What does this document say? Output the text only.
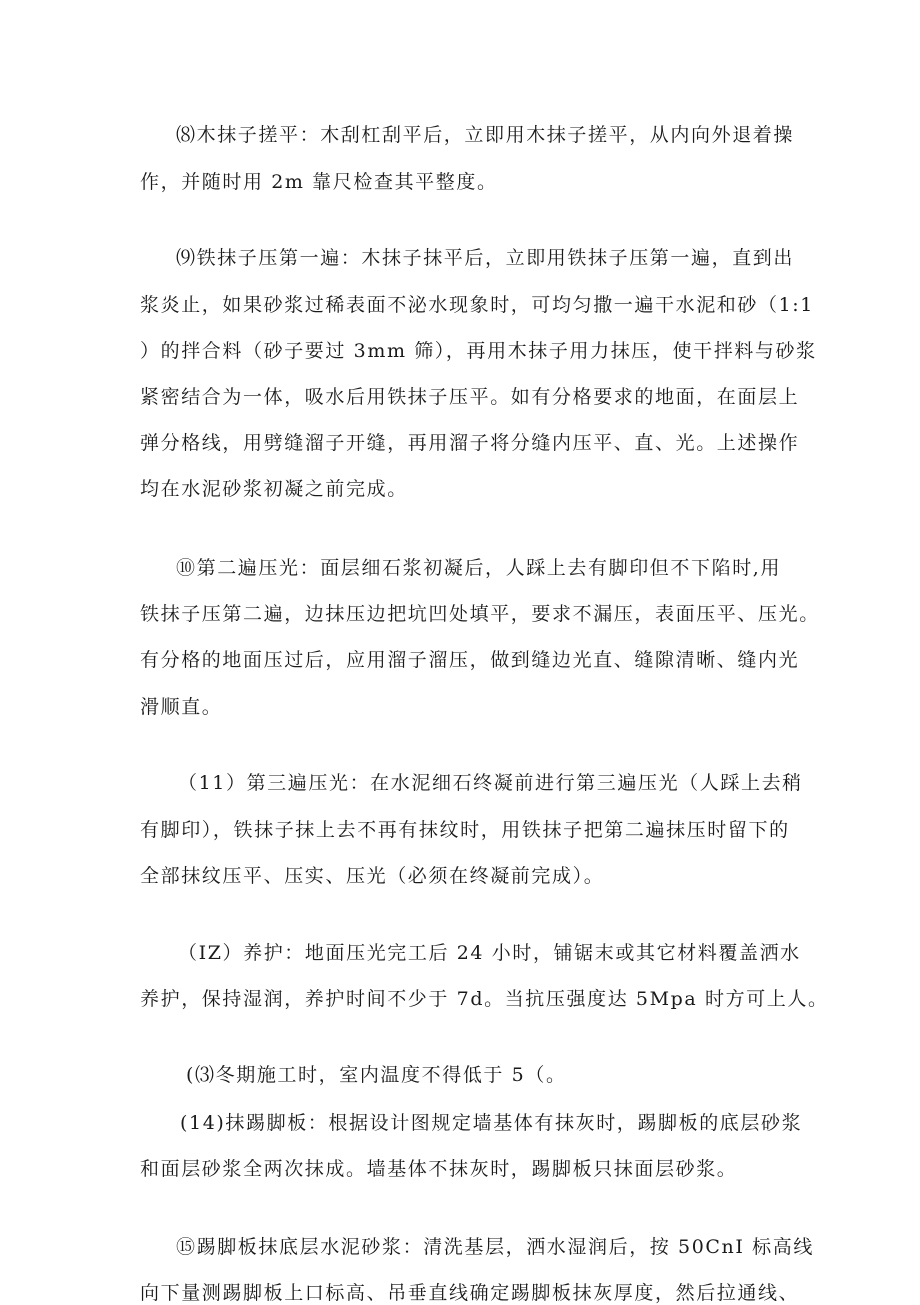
⑻木抹子搓平：木刮杠刮平后，立即用木抹子搓平，从内向外退着操
作，并随时用 2m 靠尺检查其平整度。
⑼铁抹子压第一遍：木抹子抹平后，立即用铁抹子压第一遍，直到出
浆炎止，如果砂浆过稀表面不泌水现象时，可均匀撒一遍干水泥和砂（1:1
）的拌合料（砂子要过 3mm 筛），再用木抹子用力抹压，使干拌料与砂浆
紧密结合为一体，吸水后用铁抹子压平。如有分格要求的地面，在面层上
弹分格线，用劈缝溜子开缝，再用溜子将分缝内压平、直、光。上述操作
均在水泥砂浆初凝之前完成。
⑩第二遍压光：面层细石浆初凝后，人踩上去有脚印但不下陷时,用
铁抹子压第二遍，边抹压边把坑凹处填平，要求不漏压，表面压平、压光。
有分格的地面压过后，应用溜子溜压，做到缝边光直、缝隙清晰、缝内光
滑顺直。
（11）第三遍压光：在水泥细石终凝前进行第三遍压光（人踩上去稍
有脚印），铁抹子抹上去不再有抹纹时，用铁抹子把第二遍抹压时留下的
全部抹纹压平、压实、压光（必须在终凝前完成）。
（IZ）养护：地面压光完工后 24 小时，铺锯末或其它材料覆盖洒水
养护，保持湿润，养护时间不少于 7d。当抗压强度达 5Mpa 时方可上人。
(⑶冬期施工时，室内温度不得低于 5（。
(14)抹踢脚板：根据设计图规定墙基体有抹灰时，踢脚板的底层砂浆
和面层砂浆全两次抹成。墙基体不抹灰时，踢脚板只抹面层砂浆。
⑮踢脚板抹底层水泥砂浆：清洗基层，洒水湿润后，按 50CnI 标高线
向下量测踢脚板上口标高、吊垂直线确定踢脚板抹灰厚度，然后拉通线、
